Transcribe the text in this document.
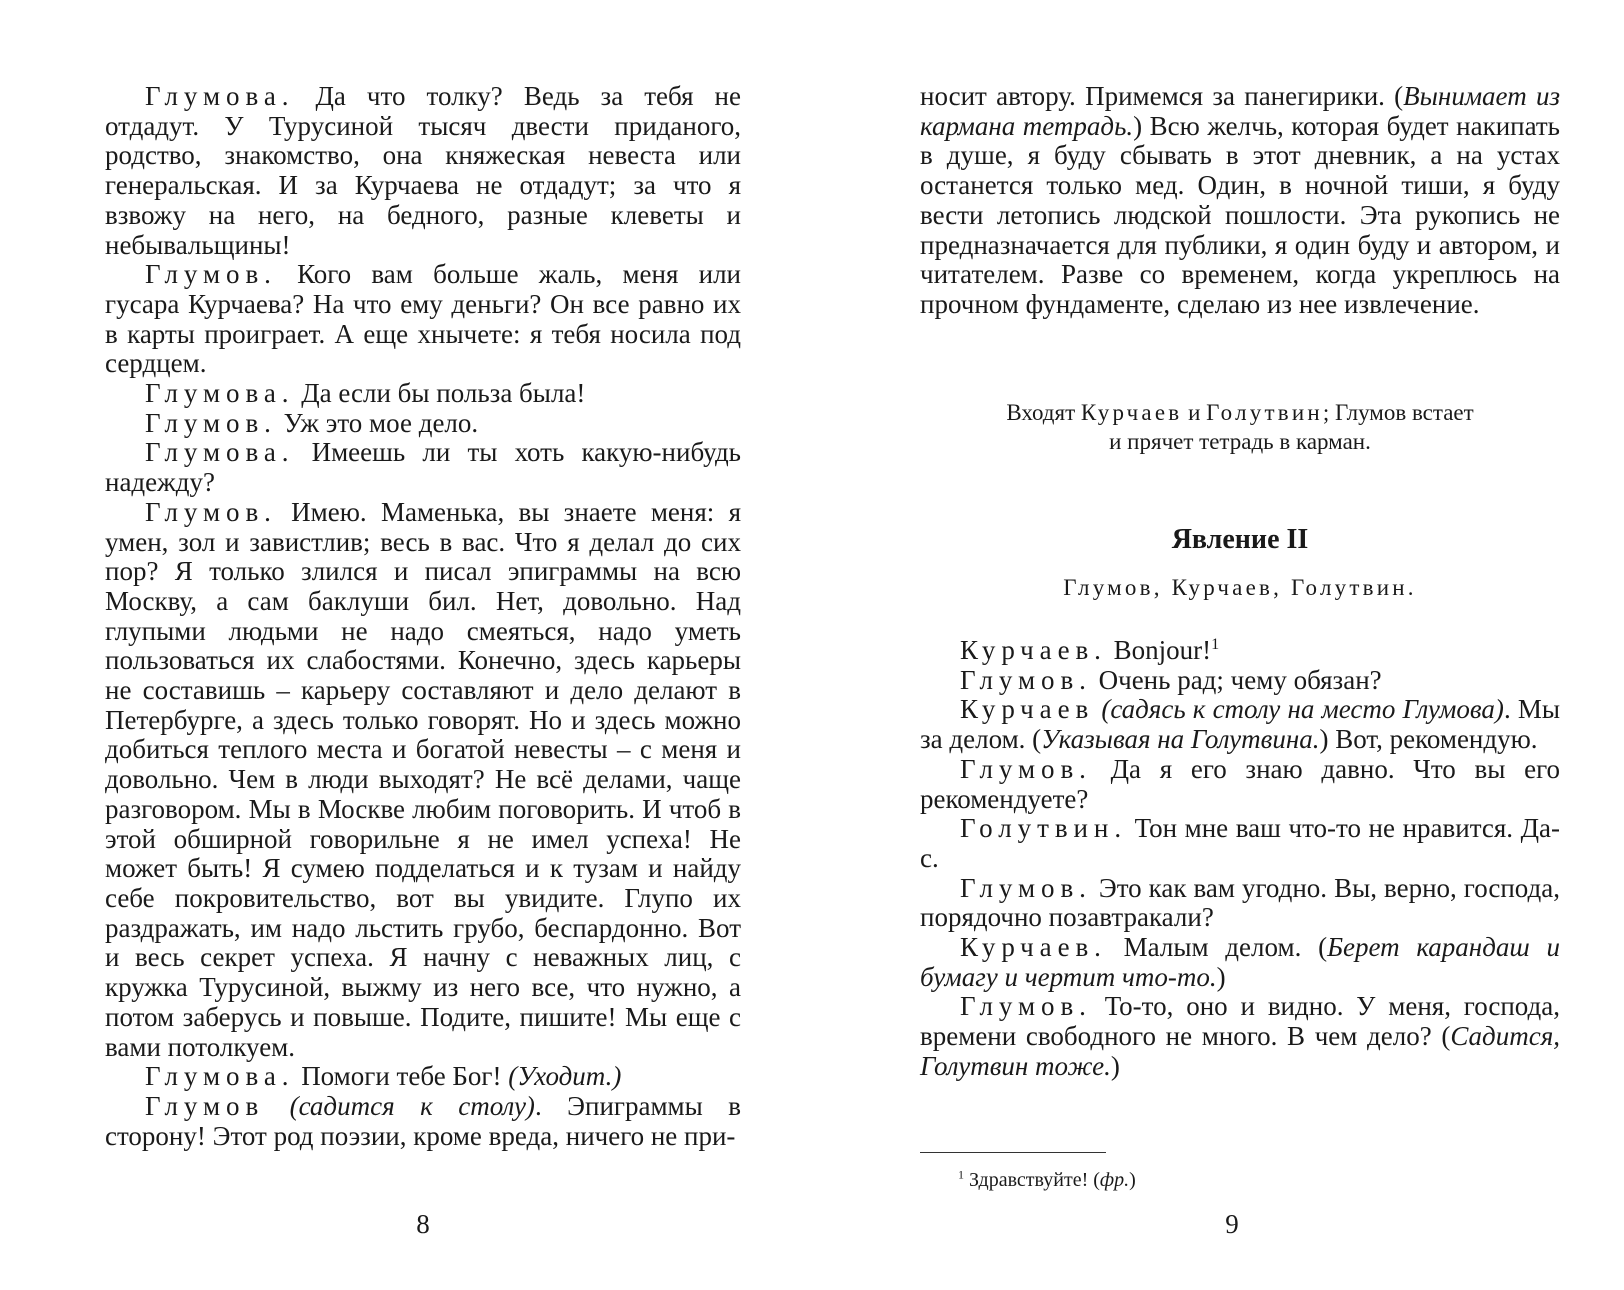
Глумова. Да что толку? Ведь за тебя не отдадут. У Турусиной тысяч двести приданого, родство, знакомство, она княжеская невеста или генеральская. И за Курчаева не отдадут; за что я взвожу на него, на бедного, разные клеветы и небывальщины!

Глумов. Кого вам больше жаль, меня или гусара Курчаева? На что ему деньги? Он все равно их в карты проиграет. А еще хнычете: я тебя носила под сердцем.

Глумова. Да если бы польза была!

Глумов. Уж это мое дело.

Глумова. Имеешь ли ты хоть какую-нибудь надежду?

Глумов. Имею. Маменька, вы знаете меня: я умен, зол и завистлив; весь в вас. Что я делал до сих пор? Я только злился и писал эпиграммы на всю Москву, а сам баклуши бил. Нет, довольно. Над глупыми людьми не надо смеяться, надо уметь пользоваться их слабостями. Конечно, здесь карьеры не составишь – карьеру составляют и дело делают в Петербурге, а здесь только говорят. Но и здесь можно добиться теплого места и богатой невесты – с меня и довольно. Чем в люди выходят? Не всё делами, чаще разговором. Мы в Москве любим поговорить. И чтоб в этой обширной говорильне я не имел успеха! Не может быть! Я сумею подделаться и к тузам и найду себе покровительство, вот вы увидите. Глупо их раздражать, им надо льстить грубо, беспардонно. Вот и весь секрет успеха. Я начну с неважных лиц, с кружка Турусиной, выжму из него все, что нужно, а потом заберусь и повыше. Подите, пишите! Мы еще с вами потолкуем.

Глумова. Помоги тебе Бог! (Уходит.)

Глумов (садится к столу). Эпиграммы в сторону! Этот род поэзии, кроме вреда, ничего не при-

8

носит автору. Примемся за панегирики. (Вынимает из кармана тетрадь.) Всю желчь, которая будет накипать в душе, я буду сбывать в этот дневник, а на устах останется только мед. Один, в ночной тиши, я буду вести летопись людской пошлости. Эта рукопись не предназначается для публики, я один буду и автором, и читателем. Разве со временем, когда укреплюсь на прочном фундаменте, сделаю из нее извлечение.

Входят Курчаев и Голутвин; Глумов встает
и прячет тетрадь в карман.
Явление II
Глумов, Курчаев, Голутвин.

Курчаев. Bonjour!$^1$

Глумов. Очень рад; чему обязан?

Курчаев (садясь к столу на место Глумова). Мы за делом. (Указывая на Голутвина.) Вот, рекомендую.

Глумов. Да я его знаю давно. Что вы его рекомендуете?

Голутвин. Тон мне ваш что-то не нравится. Да-с.

Глумов. Это как вам угодно. Вы, верно, господа, порядочно позавтракали?

Курчаев. Малым делом. (Берет карандаш и бумагу и чертит что-то.)

Глумов. То-то, оно и видно. У меня, господа, времени свободного не много. В чем дело? (Садится, Голутвин тоже.)

$^1$ Здравствуйте! (фр.)
9
